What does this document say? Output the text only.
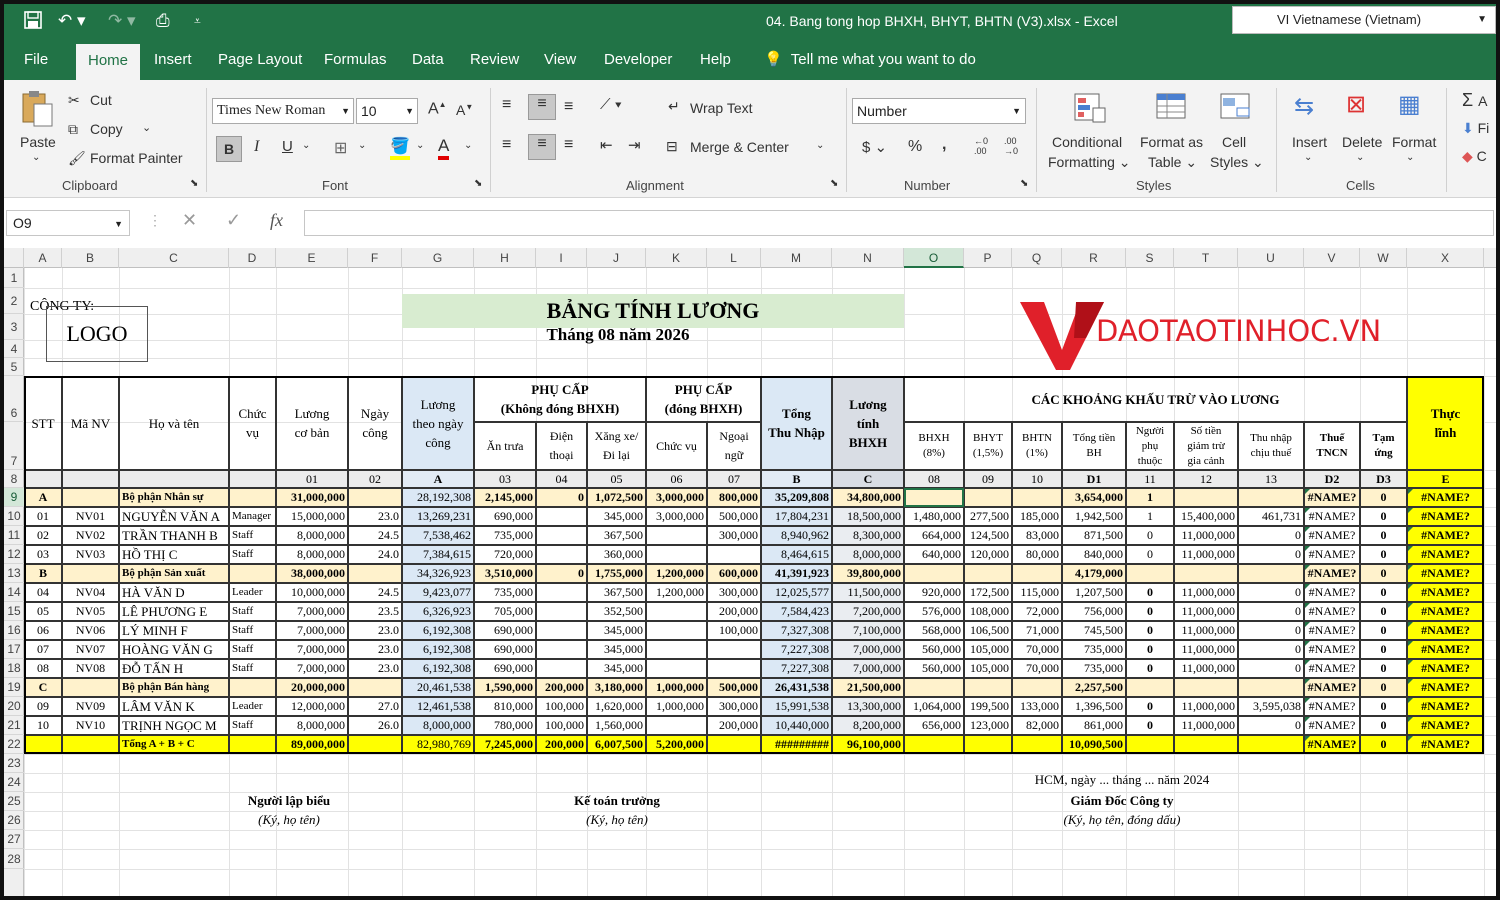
↶ ▾ ↷ ▾ ⎙ ⩡	04. Bang tong hop BHXH, BHYT, BHTN (V3).xlsx - Excel	VI Vietnamese (Vietnam)	▼
File	Home	Insert	Page Layout	Formulas	Data	Review	View	Developer	Help	💡 Tell me what you want to do
Paste
⌄
✂ Cut
⧉ Copy ⌄
🖌 Format Painter
Clipboard	⬊
Times New Roman ▼ 10	▼ A▲ A▼
B	I U ⌄ ⊞ ⌄ 🪣 ⌄ A ⌄
Font	⬊
≡	≡	≡ ⟋ ▾
≡	≡	≡ ⇤ ⇥
↵ Wrap Text
⊟ Merge & Center	⌄
Alignment	⬊
Number	▼
$ ⌄ % ,	←0
.00
.00
→0
Number	⬊
Conditional
Formatting ⌄
Format as
Table ⌄
Cell
Styles ⌄
Styles
⇆
Insert
⌄
⊠
Delete
⌄
▦
Format
⌄
Cells
Σ A
⬇ Fi
◆ C
O9	▼ ⋮ ✕ ✓ fx
A	B	C	D	E	F	G	H	I	J	K	L	M	N	O	P	Q	R	S	T	U	V	W	X
1
2
3
4
5
6
7
8
9
10
11
12
13
14
15
16
17
18
19
20
21
22
23
24
25
26
27
28
CÔNG TY:
LOGO
BẢNG TÍNH LƯƠNG
Tháng 08 năm 2026	DAOTAOTINHOC.VN
STT	Mã NV	Họ và tên
Chức
vụ
Lương
cơ bản
Ngày
công
Lương
theo ngày
công
PHỤ CẤP
(Không đóng BHXH)
PHỤ CẤP
(đóng BHXH)
Ăn trưa
Điện
thoại
Xăng xe/
Đi lại
Chức vụ
Ngoại
ngữ
Tổng
Thu Nhập
Lương
tính
BHXH
CÁC KHOẢNG KHẤU TRỪ VÀO LƯƠNG
BHXH
(8%)
BHYT
(1,5%)
BHTN
(1%)
Tổng tiền
BH
Người
phụ
thuộc
Số tiền
giảm trừ
gia cảnh
Thu nhập
chịu thuế
Thuế
TNCN
Tạm
ứng
Thực
lĩnh
01	02	A	03	04	05	06	07	B	C	08	09	10	D1	11	12	13	D2	D3	E
A	Bộ phận Nhân sự	31,000,000	28,192,308	2,145,000	0 1,072,500	3,000,000	800,000	35,209,808	34,800,000	3,654,000	1	#NAME?	0	#NAME?
01	NV01	NGUYỄN VĂN A	Manager	15,000,000	23.0	13,269,231	690,000	345,000	3,000,000	500,000	17,804,231	18,500,000	1,480,000 277,500 185,000	1,942,500	1	15,400,000	461,731 #NAME?	0	#NAME?
02	NV02	TRẦN THANH B	Staff	8,000,000	24.5	7,538,462	735,000	367,500	300,000	8,940,962	8,300,000	664,000 124,500	83,000	871,500	0	11,000,000	0 #NAME?	0	#NAME?
03	NV03	HỒ THỊ C	Staff	8,000,000	24.0	7,384,615	720,000	360,000	8,464,615	8,000,000	640,000 120,000	80,000	840,000	0	11,000,000	0 #NAME?	0	#NAME?
B	Bộ phận Sản xuất	38,000,000	34,326,923	3,510,000	0 1,755,000	1,200,000	600,000	41,391,923	39,800,000	4,179,000	#NAME?	0	#NAME?
04	NV04	HÀ VĂN D	Leader	10,000,000	24.5	9,423,077	735,000	367,500	1,200,000	300,000	12,025,577	11,500,000	920,000 172,500 115,000	1,207,500	0	11,000,000	0 #NAME?	0	#NAME?
05	NV05	LÊ PHƯƠNG E	Staff	7,000,000	23.5	6,326,923	705,000	352,500	200,000	7,584,423	7,200,000	576,000 108,000	72,000	756,000	0	11,000,000	0 #NAME?	0	#NAME?
06	NV06	LÝ MINH F	Staff	7,000,000	23.0	6,192,308	690,000	345,000	100,000	7,327,308	7,100,000	568,000 106,500	71,000	745,500	0	11,000,000	0 #NAME?	0	#NAME?
07	NV07	HOÀNG VĂN G	Staff	7,000,000	23.0	6,192,308	690,000	345,000	7,227,308	7,000,000	560,000 105,000	70,000	735,000	0	11,000,000	0 #NAME?	0	#NAME?
08	NV08	ĐỖ TẤN H	Staff	7,000,000	23.0	6,192,308	690,000	345,000	7,227,308	7,000,000	560,000 105,000	70,000	735,000	0	11,000,000	0 #NAME?	0	#NAME?
C	Bộ phận Bán hàng	20,000,000	20,461,538	1,590,000	200,000 3,180,000	1,000,000	500,000	26,431,538	21,500,000	2,257,500	#NAME?	0	#NAME?
09	NV09	LÂM VĂN K	Leader	12,000,000	27.0	12,461,538	810,000	100,000 1,620,000	1,000,000	300,000	15,991,538	13,300,000	1,064,000 199,500 133,000	1,396,500	0	11,000,000	3,595,038 #NAME?	0	#NAME?
10	NV10	TRỊNH NGỌC M	Staff	8,000,000	26.0	8,000,000	780,000	100,000 1,560,000	200,000	10,440,000	8,200,000	656,000 123,000	82,000	861,000	0	11,000,000	0 #NAME?	0	#NAME?
Tổng A + B + C	89,000,000	82,980,769	7,245,000	200,000 6,007,500	5,200,000	#########	96,100,000	10,090,500	#NAME?	0	#NAME?
Người lập biểu
(Ký, họ tên)
Kế toán trưởng
(Ký, họ tên)
HCM, ngày ... tháng ... năm 2024
Giám Đốc Công ty
(Ký, họ tên, đóng dấu)
